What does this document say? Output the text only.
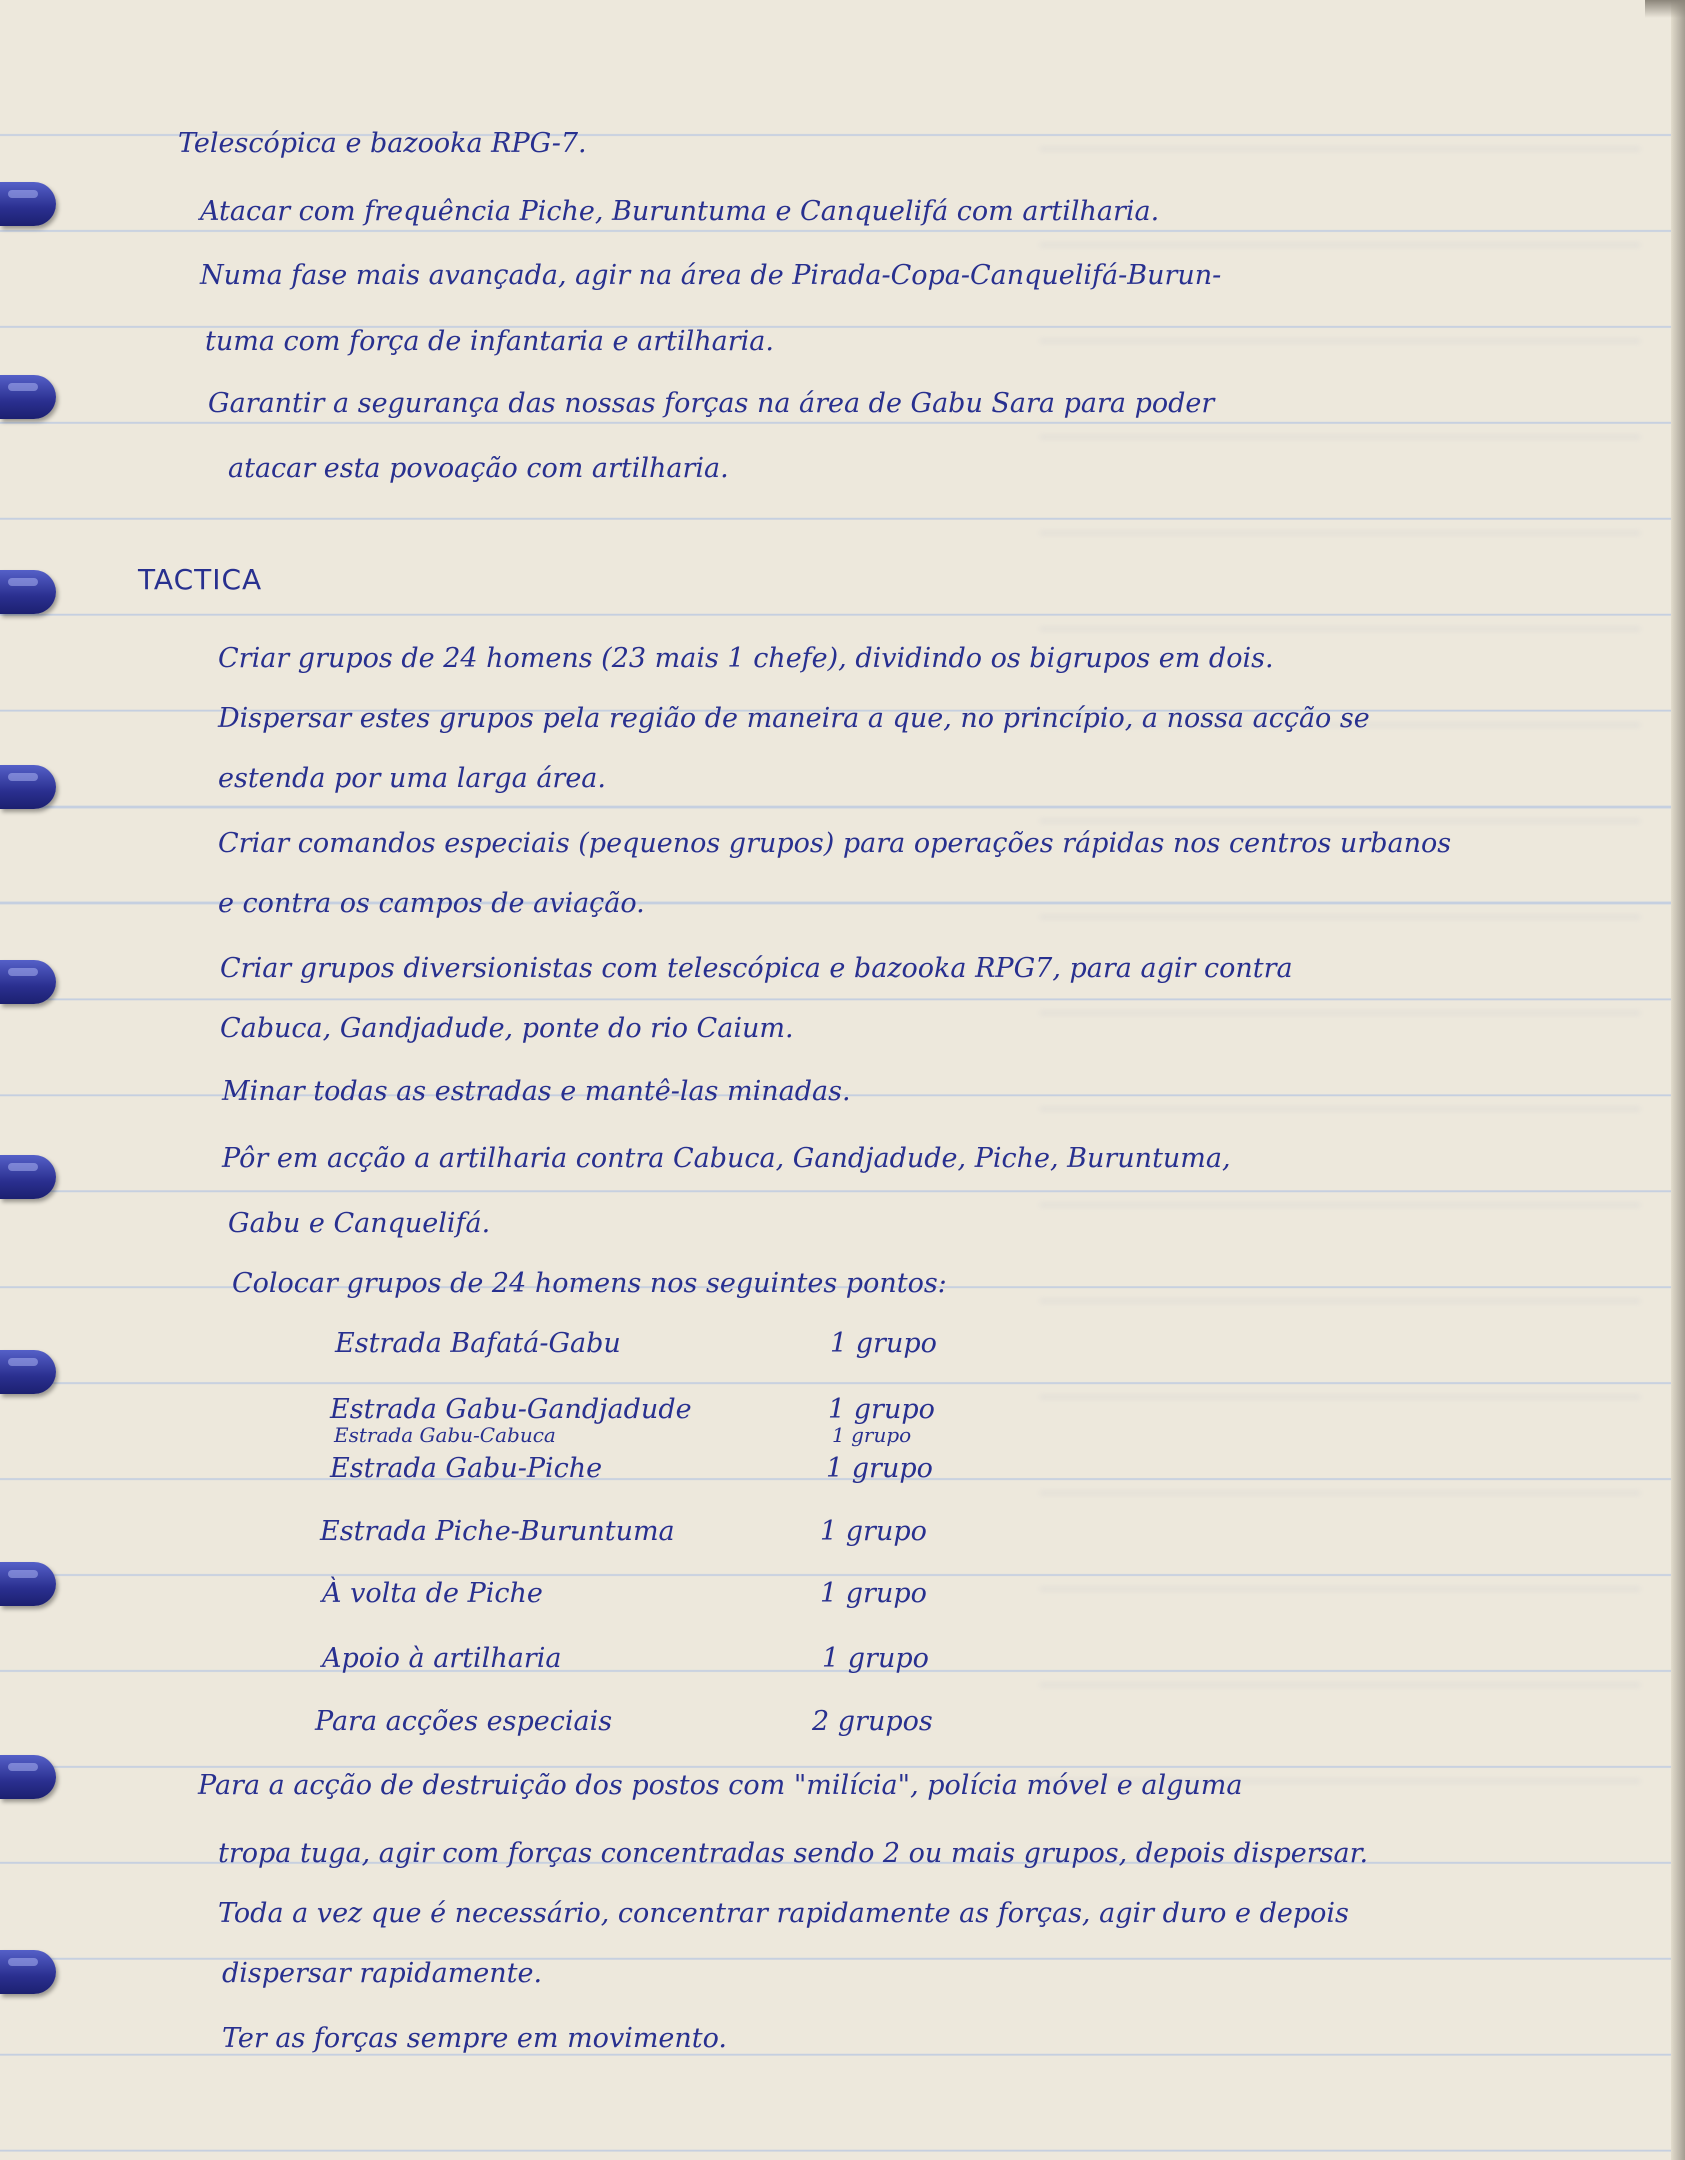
Telescópica e bazooka RPG-7.

Atacar com frequência Piche, Buruntuma e Canquelifá com artilharia.

Numa fase mais avançada, agir na área de Pirada-Copa-Canquelifá-Burun-

tuma com força de infantaria e artilharia.

Garantir a segurança das nossas forças na área de Gabu Sara para poder

atacar esta povoação com artilharia.

TACTICA

Criar grupos de 24 homens (23 mais 1 chefe), dividindo os bigrupos em dois.

Dispersar estes grupos pela região de maneira a que, no princípio, a nossa acção se

estenda por uma larga área.

Criar comandos especiais (pequenos grupos) para operações rápidas nos centros urbanos

e contra os campos de aviação.

Criar grupos diversionistas com telescópica e bazooka RPG7, para agir contra

Cabuca, Gandjadude, ponte do rio Caium.

Minar todas as estradas e mantê-las minadas.

Pôr em acção a artilharia contra Cabuca, Gandjadude, Piche, Buruntuma,

Gabu e Canquelifá.

Colocar grupos de 24 homens nos seguintes pontos:

Estrada Bafatá-Gabu	1 grupo

Estrada Gabu-Gandjadude	1 grupo

Estrada Gabu-Cabuca	1 grupo

Estrada Gabu-Piche	1 grupo

Estrada Piche-Buruntuma	1 grupo

À volta de Piche	1 grupo

Apoio à artilharia	1 grupo

Para acções especiais	2 grupos

Para a acção de destruição dos postos com "milícia", polícia móvel e alguma

tropa tuga, agir com forças concentradas sendo 2 ou mais grupos, depois dispersar.

Toda a vez que é necessário, concentrar rapidamente as forças, agir duro e depois

dispersar rapidamente.

Ter as forças sempre em movimento.
